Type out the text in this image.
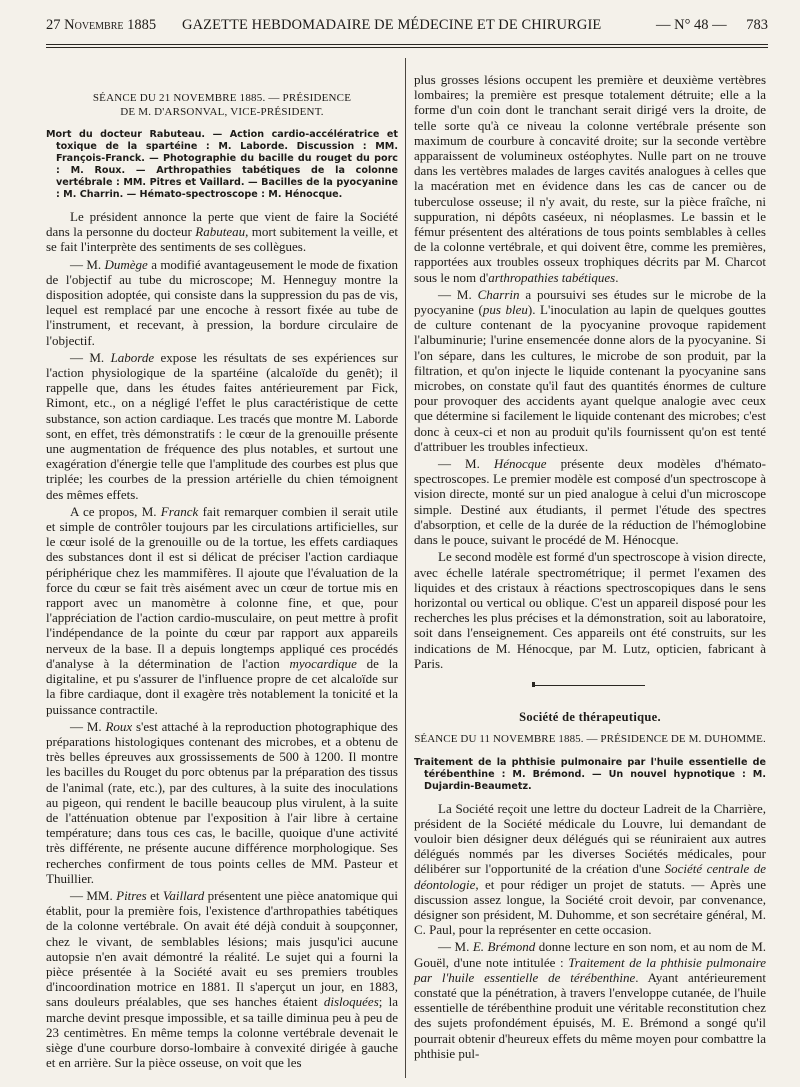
27 Novembre 1885 GAZETTE HEBDOMADAIRE DE MÉDECINE ET DE CHIRURGIE	— N° 48 — 783
SÉANCE DU 21 NOVEMBRE 1885. — PRÉSIDENCE
DE M. D'ARSONVAL, VICE-PRÉSIDENT.
Mort du docteur Rabuteau. — Action cardio-accélératrice et toxique de la spartéine : M. Laborde. Discussion : MM. François-Franck. — Photographie du bacille du rouget du porc : M. Roux. — Arthropathies tabétiques de la colonne vertébrale : MM. Pitres et Vaillard. — Bacilles de la pyocyanine : M. Charrin. — Hémato-spectroscope : M. Hénocque.

Le président annonce la perte que vient de faire la Société dans la personne du docteur Rabuteau, mort subitement la veille, et se fait l'interprète des sentiments de ses collègues.

— M. Dumège a modifié avantageusement le mode de fixation de l'objectif au tube du microscope; M. Henneguy montre la disposition adoptée, qui consiste dans la suppression du pas de vis, lequel est remplacé par une encoche à ressort fixée au tube de l'instrument, et recevant, à pression, la bordure circulaire de l'objectif.

— M. Laborde expose les résultats de ses expériences sur l'action physiologique de la spartéine (alcaloïde du genêt); il rappelle que, dans les études faites antérieurement par Fick, Rimont, etc., on a négligé l'effet le plus caractéristique de cette substance, son action cardiaque. Les tracés que montre M. Laborde sont, en effet, très démonstratifs : le cœur de la grenouille présente une augmentation de fréquence des plus notables, et surtout une exagération d'énergie telle que l'amplitude des courbes est plus que triplée; les courbes de la pression artérielle du chien témoignent des mêmes effets.

A ce propos, M. Franck fait remarquer combien il serait utile et simple de contrôler toujours par les circulations artificielles, sur le cœur isolé de la grenouille ou de la tortue, les effets cardiaques des substances dont il est si délicat de préciser l'action cardiaque périphérique chez les mammifères. Il ajoute que l'évaluation de la force du cœur se fait très aisément avec un cœur de tortue mis en rapport avec un manomètre à colonne fine, et que, pour l'appréciation de l'action cardio-musculaire, on peut mettre à profit l'indépendance de la pointe du cœur par rapport aux appareils nerveux de la base. Il a depuis longtemps appliqué ces procédés d'analyse à la détermination de l'action myocardique de la digitaline, et pu s'assurer de l'influence propre de cet alcaloïde sur la fibre cardiaque, dont il exagère très notablement la tonicité et la puissance contractile.

— M. Roux s'est attaché à la reproduction photographique des préparations histologiques contenant des microbes, et a obtenu de très belles épreuves aux grossissements de 500 à 1200. Il montre les bacilles du Rouget du porc obtenus par la préparation des tissus de l'animal (rate, etc.), par des cultures, à la suite des inoculations au pigeon, qui rendent le bacille beaucoup plus virulent, à la suite de l'atténuation obtenue par l'exposition à l'air libre à certaine température; dans tous ces cas, le bacille, quoique d'une activité très différente, ne présente aucune différence morphologique. Ses recherches confirment de tous points celles de MM. Pasteur et Thuillier.

— MM. Pitres et Vaillard présentent une pièce anatomique qui établit, pour la première fois, l'existence d'arthropathies tabétiques de la colonne vertébrale. On avait été déjà conduit à soupçonner, chez le vivant, de semblables lésions; mais jusqu'ici aucune autopsie n'en avait démontré la réalité. Le sujet qui a fourni la pièce présentée à la Société avait eu ses premiers troubles d'incoordination motrice en 1881. Il s'aperçut un jour, en 1883, sans douleurs préalables, que ses hanches étaient disloquées; la marche devint presque impossible, et sa taille diminua peu à peu de 23 centimètres. En même temps la colonne vertébrale devenait le siège d'une courbure dorso-lombaire à convexité dirigée à gauche et en arrière. Sur la pièce osseuse, on voit que les

plus grosses lésions occupent les première et deuxième vertèbres lombaires; la première est presque totalement détruite; elle a la forme d'un coin dont le tranchant serait dirigé vers la droite, de telle sorte qu'à ce niveau la colonne vertébrale présente son maximum de courbure à concavité droite; sur la seconde vertèbre apparaissent de volumineux ostéophytes. Nulle part on ne trouve dans les vertèbres malades de larges cavités analogues à celles que la macération met en évidence dans les cas de cancer ou de tuberculose osseuse; il n'y avait, du reste, sur la pièce fraîche, ni suppuration, ni dépôts caséeux, ni néoplasmes. Le bassin et le fémur présentent des altérations de tous points semblables à celles de la colonne vertébrale, et qui doivent être, comme les premières, rapportées aux troubles osseux trophiques décrits par M. Charcot sous le nom d'arthropathies tabétiques.

— M. Charrin a poursuivi ses études sur le microbe de la pyocyanine (pus bleu). L'inoculation au lapin de quelques gouttes de culture contenant de la pyocyanine provoque rapidement l'albuminurie; l'urine ensemencée donne alors de la pyocyanine. Si l'on sépare, dans les cultures, le microbe de son produit, par la filtration, et qu'on injecte le liquide contenant la pyocyanine sans microbes, on constate qu'il faut des quantités énormes de culture pour provoquer des accidents ayant quelque analogie avec ceux que détermine si facilement le liquide contenant des microbes; c'est donc à ceux-ci et non au produit qu'ils fournissent qu'on est tenté d'attribuer les troubles infectieux.

— M. Hénocque présente deux modèles d'hémato-spectroscopes. Le premier modèle est composé d'un spectroscope à vision directe, monté sur un pied analogue à celui d'un microscope simple. Destiné aux étudiants, il permet l'étude des spectres d'absorption, et celle de la durée de la réduction de l'hémoglobine dans le pouce, suivant le procédé de M. Hénocque.

Le second modèle est formé d'un spectroscope à vision directe, avec échelle latérale spectrométrique; il permet l'examen des liquides et des cristaux à réactions spectroscopiques dans le sens horizontal ou vertical ou oblique. C'est un appareil disposé pour les recherches les plus précises et la démonstration, soit au laboratoire, soit dans l'enseignement. Ces appareils ont été construits, sur les indications de M. Hénocque, par M. Lutz, opticien, fabricant à Paris.

Société de thérapeutique.
SÉANCE DU 11 NOVEMBRE 1885. — PRÉSIDENCE DE M. DUHOMME.
Traitement de la phthisie pulmonaire par l'huile essentielle de térébenthine : M. Brémond. — Un nouvel hypnotique : M. Dujardin-Beaumetz.

La Société reçoit une lettre du docteur Ladreit de la Charrière, président de la Société médicale du Louvre, lui demandant de vouloir bien désigner deux délégués qui se réuniraient aux autres délégués nommés par les diverses Sociétés médicales, pour délibérer sur l'opportunité de la création d'une Société centrale de déontologie, et pour rédiger un projet de statuts. — Après une discussion assez longue, la Société croit devoir, par convenance, désigner son président, M. Duhomme, et son secrétaire général, M. C. Paul, pour la représenter en cette occasion.

— M. E. Brémond donne lecture en son nom, et au nom de M. Gouël, d'une note intitulée : Traitement de la phthisie pulmonaire par l'huile essentielle de térébenthine. Ayant antérieurement constaté que la pénétration, à travers l'enveloppe cutanée, de l'huile essentielle de térébenthine produit une véritable reconstitution chez des sujets profondément épuisés, M. E. Brémond a songé qu'il pourrait obtenir d'heureux effets du même moyen pour combattre la phthisie pul-
